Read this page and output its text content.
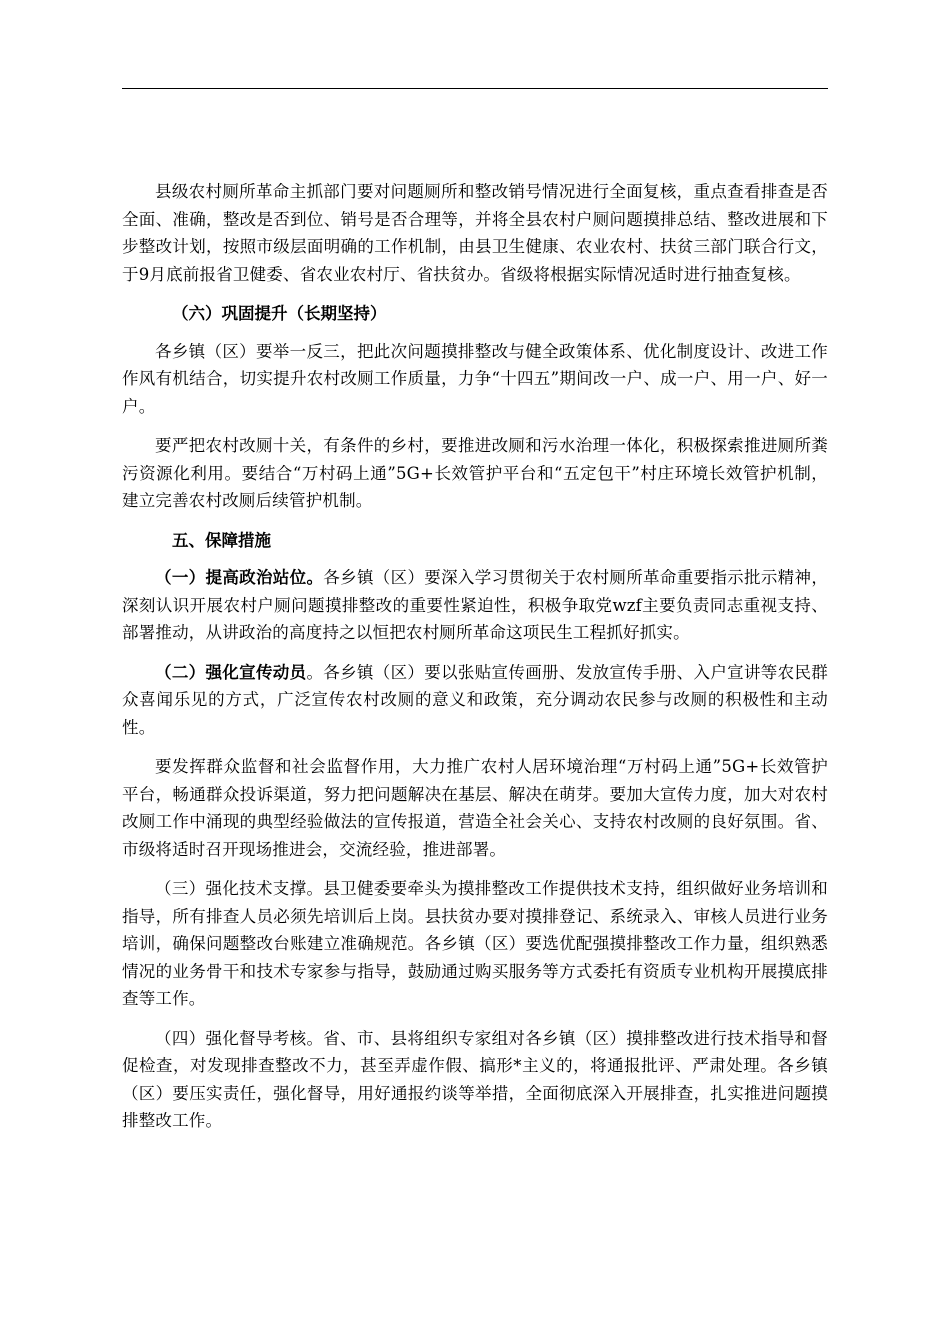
县级农村厕所革命主抓部门要对问题厕所和整改销号情况进行全面复核，重点查看排查是否全面、准确，整改是否到位、销号是否合理等，并将全县农村户厕问题摸排总结、整改进展和下步整改计划，按照市级层面明确的工作机制，由县卫生健康、农业农村、扶贫三部门联合行文，于9月底前报省卫健委、省农业农村厅、省扶贫办。省级将根据实际情况适时进行抽查复核。

（六）巩固提升（长期坚持）

各乡镇（区）要举一反三，把此次问题摸排整改与健全政策体系、优化制度设计、改进工作作风有机结合，切实提升农村改厕工作质量，力争“十四五”期间改一户、成一户、用一户、好一户。

要严把农村改厕十关，有条件的乡村，要推进改厕和污水治理一体化，积极探索推进厕所粪污资源化利用。要结合“万村码上通”5G+长效管护平台和“五定包干”村庄环境长效管护机制，建立完善农村改厕后续管护机制。

五、保障措施

（一）提高政治站位。各乡镇（区）要深入学习贯彻关于农村厕所革命重要指示批示精神，深刻认识开展农村户厕问题摸排整改的重要性紧迫性，积极争取党wzf主要负责同志重视支持、部署推动，从讲政治的高度持之以恒把农村厕所革命这项民生工程抓好抓实。

（二）强化宣传动员。各乡镇（区）要以张贴宣传画册、发放宣传手册、入户宣讲等农民群众喜闻乐见的方式，广泛宣传农村改厕的意义和政策，充分调动农民参与改厕的积极性和主动性。

要发挥群众监督和社会监督作用，大力推广农村人居环境治理“万村码上通”5G+长效管护平台，畅通群众投诉渠道，努力把问题解决在基层、解决在萌芽。要加大宣传力度，加大对农村改厕工作中涌现的典型经验做法的宣传报道，营造全社会关心、支持农村改厕的良好氛围。省、市级将适时召开现场推进会，交流经验，推进部署。

（三）强化技术支撑。县卫健委要牵头为摸排整改工作提供技术支持，组织做好业务培训和指导，所有排查人员必须先培训后上岗。县扶贫办要对摸排登记、系统录入、审核人员进行业务培训，确保问题整改台账建立准确规范。各乡镇（区）要选优配强摸排整改工作力量，组织熟悉情况的业务骨干和技术专家参与指导，鼓励通过购买服务等方式委托有资质专业机构开展摸底排查等工作。

（四）强化督导考核。省、市、县将组织专家组对各乡镇（区）摸排整改进行技术指导和督促检查，对发现排查整改不力，甚至弄虚作假、搞形*主义的，将通报批评、严肃处理。各乡镇（区）要压实责任，强化督导，用好通报约谈等举措，全面彻底深入开展排查，扎实推进问题摸排整改工作。
